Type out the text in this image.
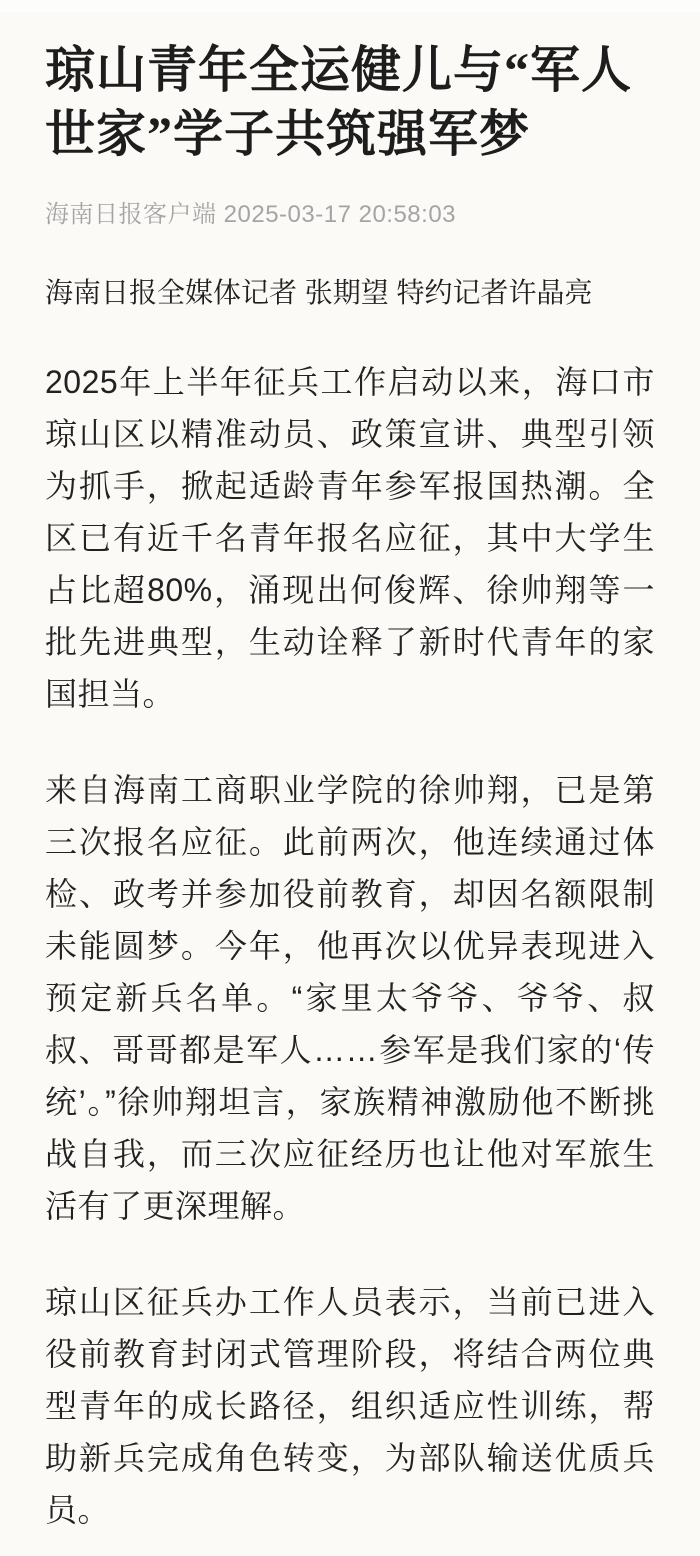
琼山青年全运健儿与“军人世家”学子共筑强军梦
海南日报客户端 2025-03-17 20:58:03
海南日报全媒体记者 张期望 特约记者许晶亮

2025年上半年征兵工作启动以来，海口市琼山区以精准动员、政策宣讲、典型引领为抓手，掀起适龄青年参军报国热潮。全区已有近千名青年报名应征，其中大学生占比超80%，涌现出何俊辉、徐帅翔等一批先进典型，生动诠释了新时代青年的家国担当。

来自海南工商职业学院的徐帅翔，已是第三次报名应征。此前两次，他连续通过体检、政考并参加役前教育，却因名额限制未能圆梦。今年，他再次以优异表现进入预定新兵名单。“家里太爷爷、爷爷、叔叔、哥哥都是军人……参军是我们家的‘传统’。”徐帅翔坦言，家族精神激励他不断挑战自我，而三次应征经历也让他对军旅生活有了更深理解。

琼山区征兵办工作人员表示，当前已进入役前教育封闭式管理阶段，将结合两位典型青年的成长路径，组织适应性训练，帮助新兵完成角色转变，为部队输送优质兵员。
